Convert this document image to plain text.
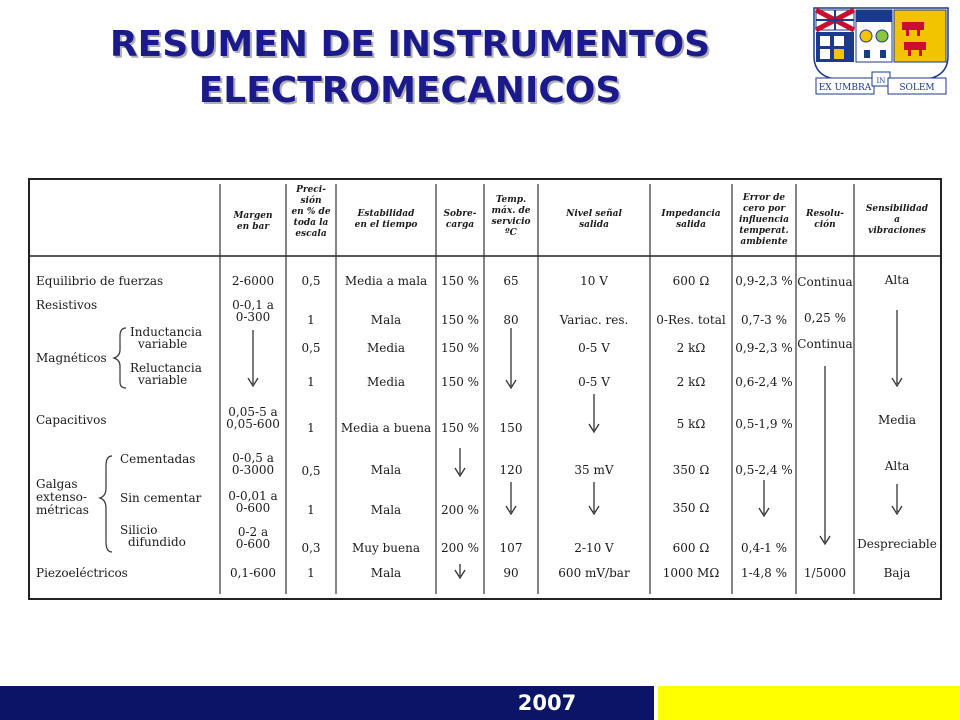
RESUMEN DE INSTRUMENTOS
ELECTROMECANICOS	EX UMBRA
IN
SOLEM
Margen
en bar
Preci-
sión
en % de
toda la
escala
Estabilidad
en el tiempo
Sobre-
carga
Temp.
máx. de
servicio
ºC
Nivel señal
salida
Impedancia
salida
Error de
cero por
influencia
temperat.
ambiente
Resolu-
ción
Sensibilidad
a
vibraciones
Equilibrio de fuerzas
Resistivos
Magnéticos
Inductancia
variable
Reluctancia
variable
Capacitivos
Galgas
extenso-
métricas
Cementadas
Sin cementar
Silicio
difundido
Piezoeléctricos
2-6000
0-0,1 a
0-300
0,05-5 a
0,05-600
0-0,5 a
0-3000
0-0,01 a
0-600
0-2 a
0-600
0,1-600
0,5
1
0,5
1
1
0,5
1
0,3
1
Media a mala
Mala
Media
Media
Media a buena
Mala
Mala
Muy buena
Mala
150 %
150 %
150 %
150 %
150 %
200 %
200 %
65
80
150
120
107
90
10 V
Variac. res.
0-5 V
0-5 V
35 mV
2-10 V
600 mV/bar
600 Ω
0-Res. total
2 kΩ
2 kΩ
5 kΩ
350 Ω
350 Ω
600 Ω
1000 MΩ
0,9-2,3 %
0,7-3 %
0,9-2,3 %
0,6-2,4 %
0,5-1,9 %
0,5-2,4 %
0,4-1 %
1-4,8 %
Continua
0,25 %
Continua
1/5000
Alta
Media
Alta
Despreciable
Baja
2007
